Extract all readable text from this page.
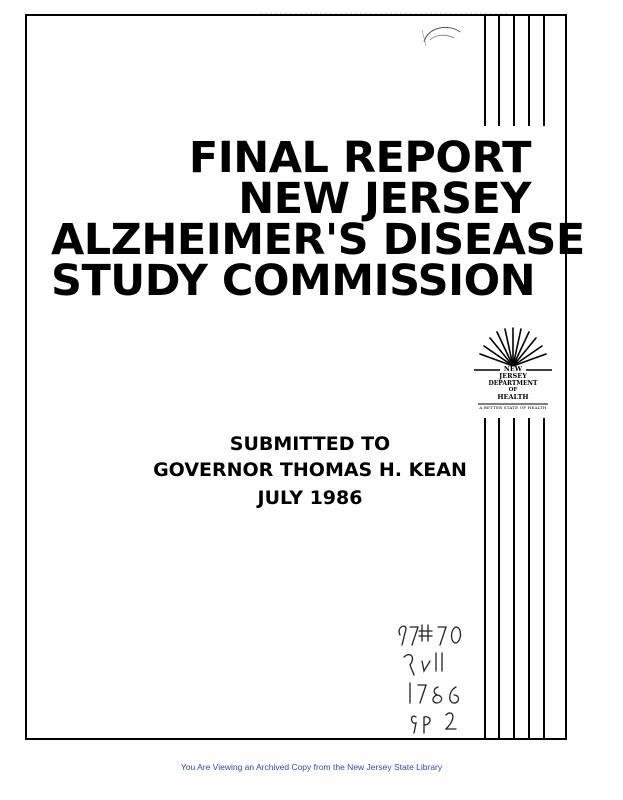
FINAL REPORT
NEW JERSEY
ALZHEIMER'S DISEASE
STUDY COMMISSION
NEW
JERSEY
DEPARTMENT
OF
HEALTH
A BETTER STATE OF HEALTH
SUBMITTED TO
GOVERNOR THOMAS H. KEAN
JULY 1986
You Are Viewing an Archived Copy from the New Jersey State Library
